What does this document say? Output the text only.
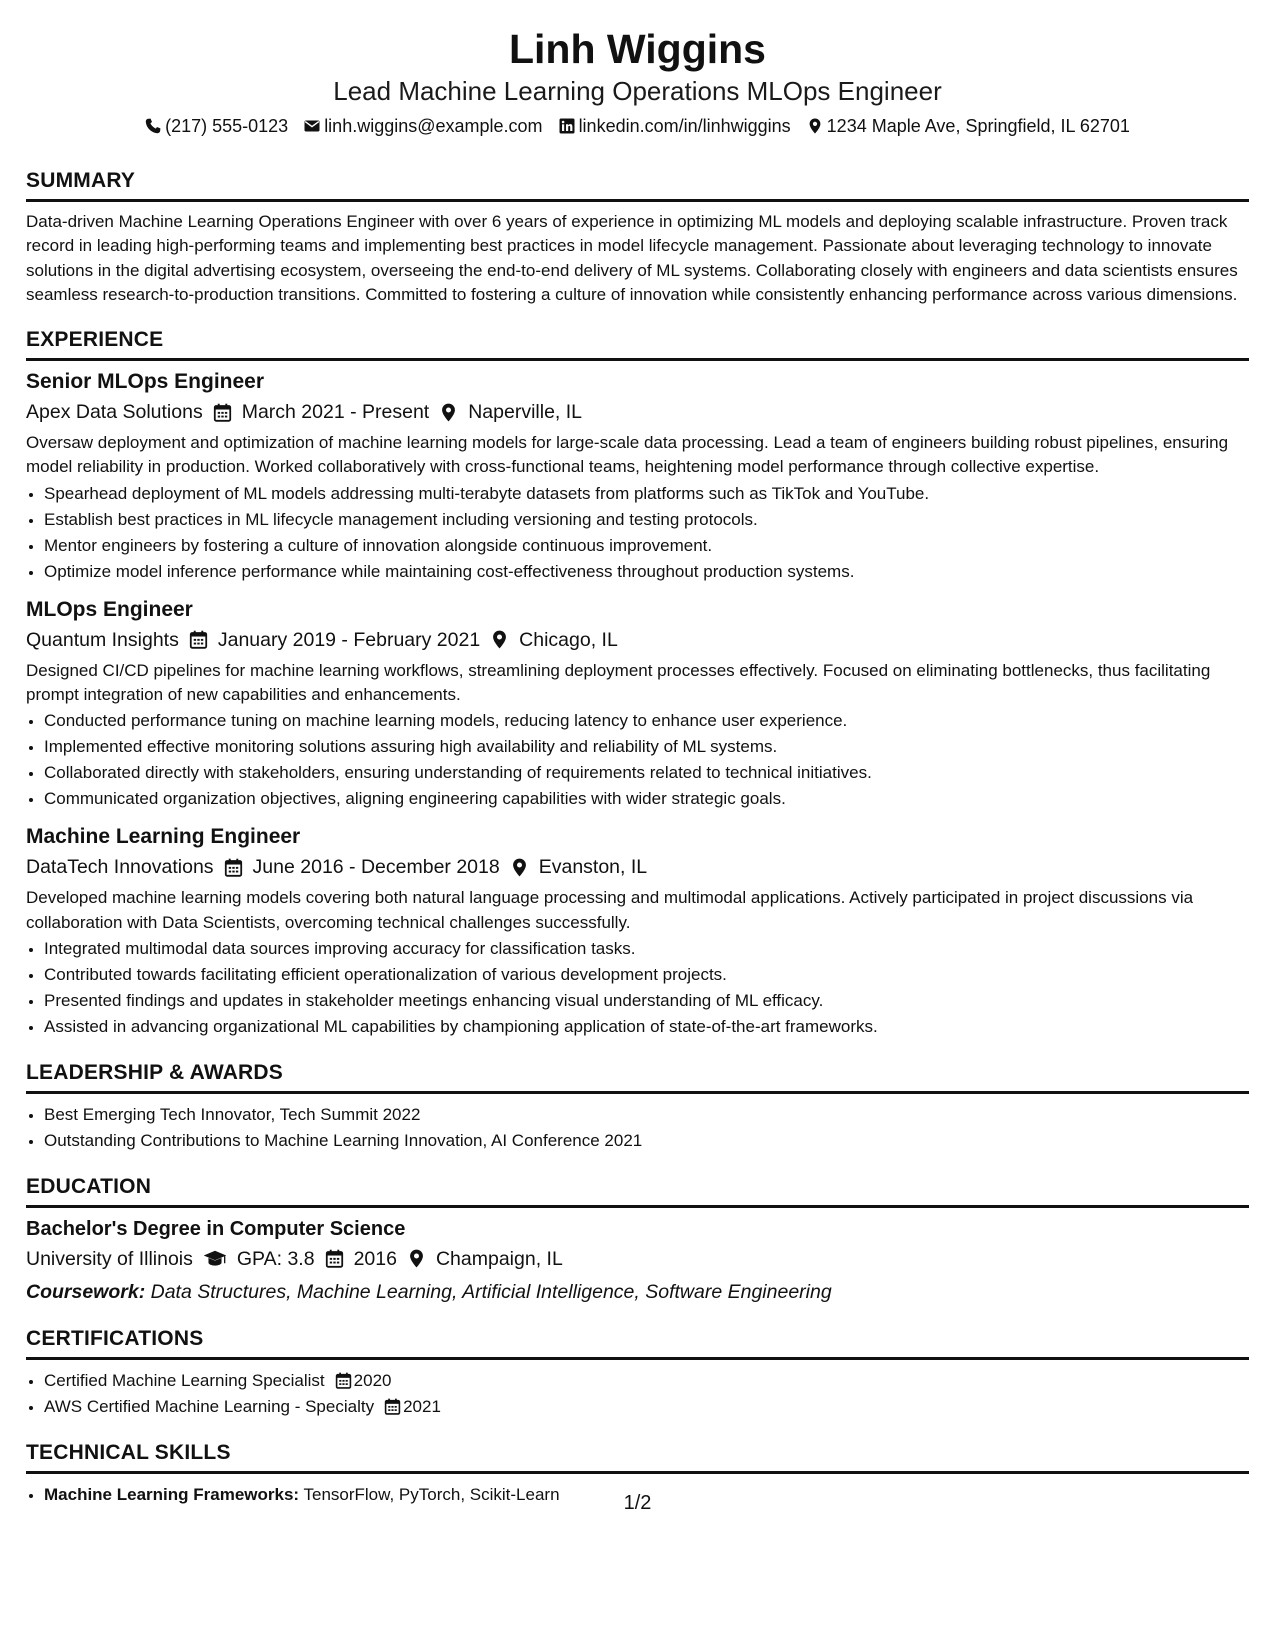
Linh Wiggins
Lead Machine Learning Operations MLOps Engineer
(217) 555-0123 linh.wiggins@example.com linkedin.com/in/linhwiggins 1234 Maple Ave, Springfield, IL 62701
SUMMARY

Data-driven Machine Learning Operations Engineer with over 6 years of experience in optimizing ML models and deploying scalable infrastructure. Proven track record in leading high-performing teams and implementing best practices in model lifecycle management. Passionate about leveraging technology to innovate solutions in the digital advertising ecosystem, overseeing the end-to-end delivery of ML systems. Collaborating closely with engineers and data scientists ensures seamless research-to-production transitions. Committed to fostering a culture of innovation while consistently enhancing performance across various dimensions.

EXPERIENCE
Senior MLOps Engineer
Apex Data Solutions March 2021 - Present Naperville, IL

Oversaw deployment and optimization of machine learning models for large-scale data processing. Lead a team of engineers building robust pipelines, ensuring model reliability in production. Worked collaboratively with cross-functional teams, heightening model performance through collective expertise.

• Spearhead deployment of ML models addressing multi-terabyte datasets from platforms such as TikTok and YouTube.
• Establish best practices in ML lifecycle management including versioning and testing protocols.
• Mentor engineers by fostering a culture of innovation alongside continuous improvement.
• Optimize model inference performance while maintaining cost-effectiveness throughout production systems.
MLOps Engineer
Quantum Insights January 2019 - February 2021 Chicago, IL

Designed CI/CD pipelines for machine learning workflows, streamlining deployment processes effectively. Focused on eliminating bottlenecks, thus facilitating prompt integration of new capabilities and enhancements.

• Conducted performance tuning on machine learning models, reducing latency to enhance user experience.
• Implemented effective monitoring solutions assuring high availability and reliability of ML systems.
• Collaborated directly with stakeholders, ensuring understanding of requirements related to technical initiatives.
• Communicated organization objectives, aligning engineering capabilities with wider strategic goals.
Machine Learning Engineer
DataTech Innovations June 2016 - December 2018 Evanston, IL

Developed machine learning models covering both natural language processing and multimodal applications. Actively participated in project discussions via collaboration with Data Scientists, overcoming technical challenges successfully.

• Integrated multimodal data sources improving accuracy for classification tasks.
• Contributed towards facilitating efficient operationalization of various development projects.
• Presented findings and updates in stakeholder meetings enhancing visual understanding of ML efficacy.
• Assisted in advancing organizational ML capabilities by championing application of state-of-the-art frameworks.
LEADERSHIP & AWARDS
• Best Emerging Tech Innovator, Tech Summit 2022
• Outstanding Contributions to Machine Learning Innovation, AI Conference 2021
EDUCATION
Bachelor's Degree in Computer Science
University of Illinois GPA: 3.8 2016 Champaign, IL
Coursework: Data Structures, Machine Learning, Artificial Intelligence, Software Engineering
CERTIFICATIONS
• Certified Machine Learning Specialist 2020
• AWS Certified Machine Learning - Specialty 2021
TECHNICAL SKILLS
• Machine Learning Frameworks: TensorFlow, PyTorch, Scikit-Learn	1/2
